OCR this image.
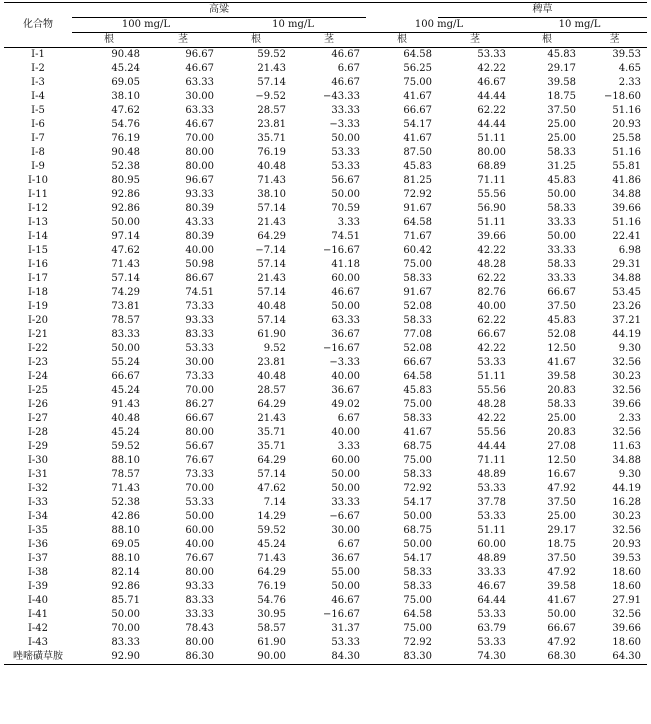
化合物	高粱					稗草		
	100 mg/L		10 mg/L		100 mg/L		10 mg/L	
	根	茎	根	茎	根	茎	根	茎
Ⅰ-1	90.48	96.67	59.52	46.67	64.58	53.33	45.83	39.53
Ⅰ-2	45.24	46.67	21.43	6.67	56.25	42.22	29.17	4.65
Ⅰ-3	69.05	63.33	57.14	46.67	75.00	46.67	39.58	2.33
Ⅰ-4	38.10	30.00	−9.52	−43.33	41.67	44.44	18.75	−18.60
Ⅰ-5	47.62	63.33	28.57	33.33	66.67	62.22	37.50	51.16
Ⅰ-6	54.76	46.67	23.81	−3.33	54.17	44.44	25.00	20.93
Ⅰ-7	76.19	70.00	35.71	50.00	41.67	51.11	25.00	25.58
Ⅰ-8	90.48	80.00	76.19	53.33	87.50	80.00	58.33	51.16
Ⅰ-9	52.38	80.00	40.48	53.33	45.83	68.89	31.25	55.81
Ⅰ-10	80.95	96.67	71.43	56.67	81.25	71.11	45.83	41.86
Ⅰ-11	92.86	93.33	38.10	50.00	72.92	55.56	50.00	34.88
Ⅰ-12	92.86	80.39	57.14	70.59	91.67	56.90	58.33	39.66
Ⅰ-13	50.00	43.33	21.43	3.33	64.58	51.11	33.33	51.16
Ⅰ-14	97.14	80.39	64.29	74.51	71.67	39.66	50.00	22.41
Ⅰ-15	47.62	40.00	−7.14	−16.67	60.42	42.22	33.33	6.98
Ⅰ-16	71.43	50.98	57.14	41.18	75.00	48.28	58.33	29.31
Ⅰ-17	57.14	86.67	21.43	60.00	58.33	62.22	33.33	34.88
Ⅰ-18	74.29	74.51	57.14	46.67	91.67	82.76	66.67	53.45
Ⅰ-19	73.81	73.33	40.48	50.00	52.08	40.00	37.50	23.26
Ⅰ-20	78.57	93.33	57.14	63.33	58.33	62.22	45.83	37.21
Ⅰ-21	83.33	83.33	61.90	36.67	77.08	66.67	52.08	44.19
Ⅰ-22	50.00	53.33	9.52	−16.67	52.08	42.22	12.50	9.30
Ⅰ-23	55.24	30.00	23.81	−3.33	66.67	53.33	41.67	32.56
Ⅰ-24	66.67	73.33	40.48	40.00	64.58	51.11	39.58	30.23
Ⅰ-25	45.24	70.00	28.57	36.67	45.83	55.56	20.83	32.56
Ⅰ-26	91.43	86.27	64.29	49.02	75.00	48.28	58.33	39.66
Ⅰ-27	40.48	66.67	21.43	6.67	58.33	42.22	25.00	2.33
Ⅰ-28	45.24	80.00	35.71	40.00	41.67	55.56	20.83	32.56
Ⅰ-29	59.52	56.67	35.71	3.33	68.75	44.44	27.08	11.63
Ⅰ-30	88.10	76.67	64.29	60.00	75.00	71.11	12.50	34.88
Ⅰ-31	78.57	73.33	57.14	50.00	58.33	48.89	16.67	9.30
Ⅰ-32	71.43	70.00	47.62	50.00	72.92	53.33	47.92	44.19
Ⅰ-33	52.38	53.33	7.14	33.33	54.17	37.78	37.50	16.28
Ⅰ-34	42.86	50.00	14.29	−6.67	50.00	53.33	25.00	30.23
Ⅰ-35	88.10	60.00	59.52	30.00	68.75	51.11	29.17	32.56
Ⅰ-36	69.05	40.00	45.24	6.67	50.00	60.00	18.75	20.93
Ⅰ-37	88.10	76.67	71.43	36.67	54.17	48.89	37.50	39.53
Ⅰ-38	82.14	80.00	64.29	55.00	58.33	33.33	47.92	18.60
Ⅰ-39	92.86	93.33	76.19	50.00	58.33	46.67	39.58	18.60
Ⅰ-40	85.71	83.33	54.76	46.67	75.00	64.44	41.67	27.91
Ⅰ-41	50.00	33.33	30.95	−16.67	64.58	53.33	50.00	32.56
Ⅰ-42	70.00	78.43	58.57	31.37	75.00	63.79	66.67	39.66
Ⅰ-43	83.33	80.00	61.90	53.33	72.92	53.33	47.92	18.60
唑嘧磺草胺	92.90	86.30	90.00	84.30	83.30	74.30	68.30	64.30
